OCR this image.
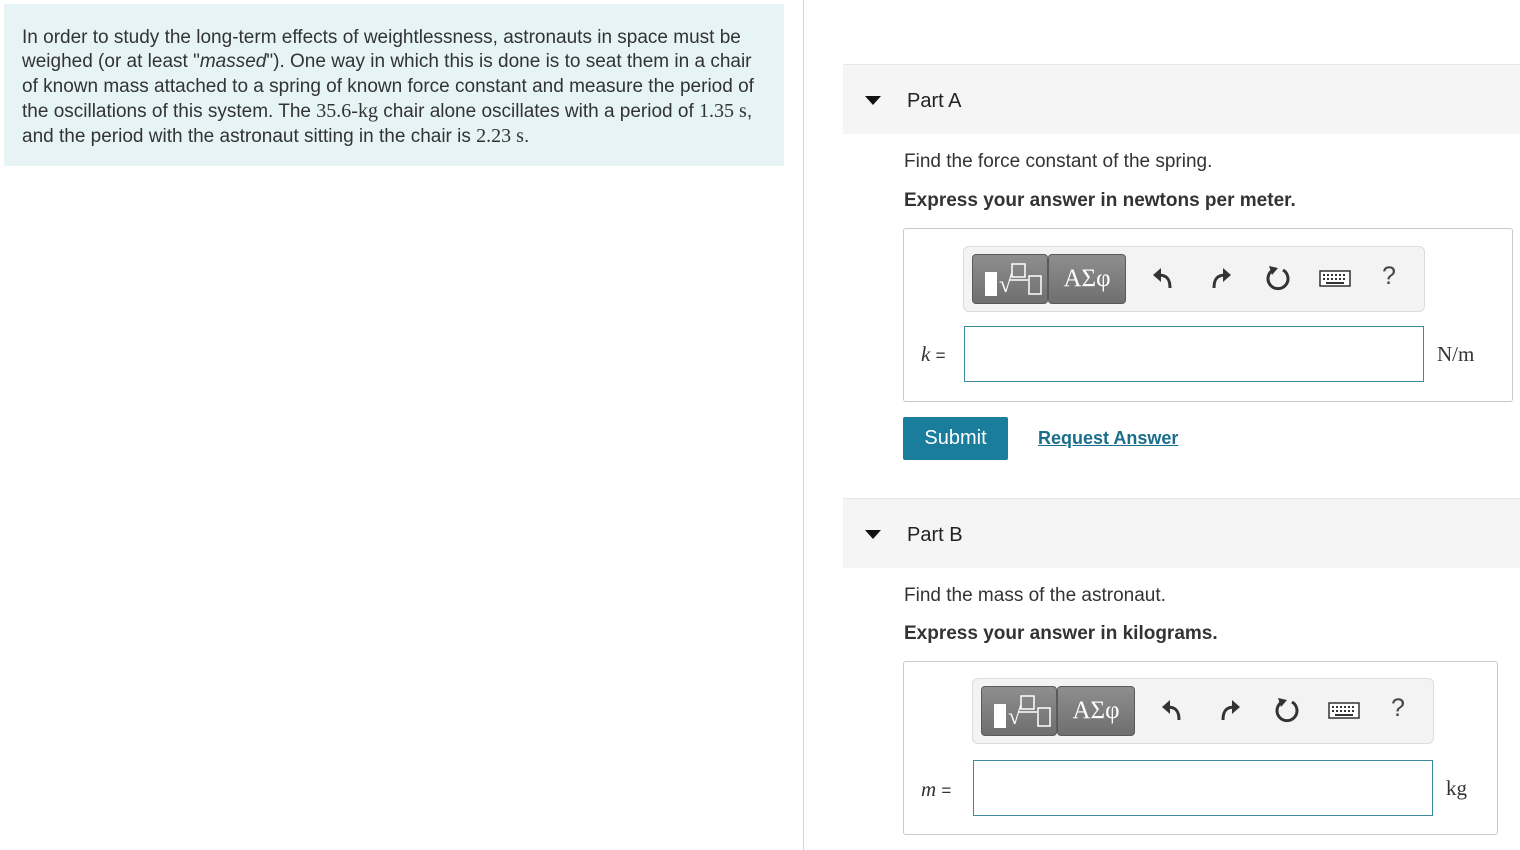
In order to study the long-term effects of weightlessness, astronauts in space must be weighed (or at least "massed"). One way in which this is done is to seat them in a chair of known mass attached to a spring of known force constant and measure the period of the oscillations of this system. The 35.6-kg chair alone oscillates with a period of 1.35 s, and the period with the astronaut sitting in the chair is 2.23 s.
Part A
Find the force constant of the spring.
Express your answer in newtons per meter.
√	ΑΣφ	?
k =	N/m
Submit	Request Answer
Part B
Find the mass of the astronaut.
Express your answer in kilograms.
√	ΑΣφ	?
m =	kg
